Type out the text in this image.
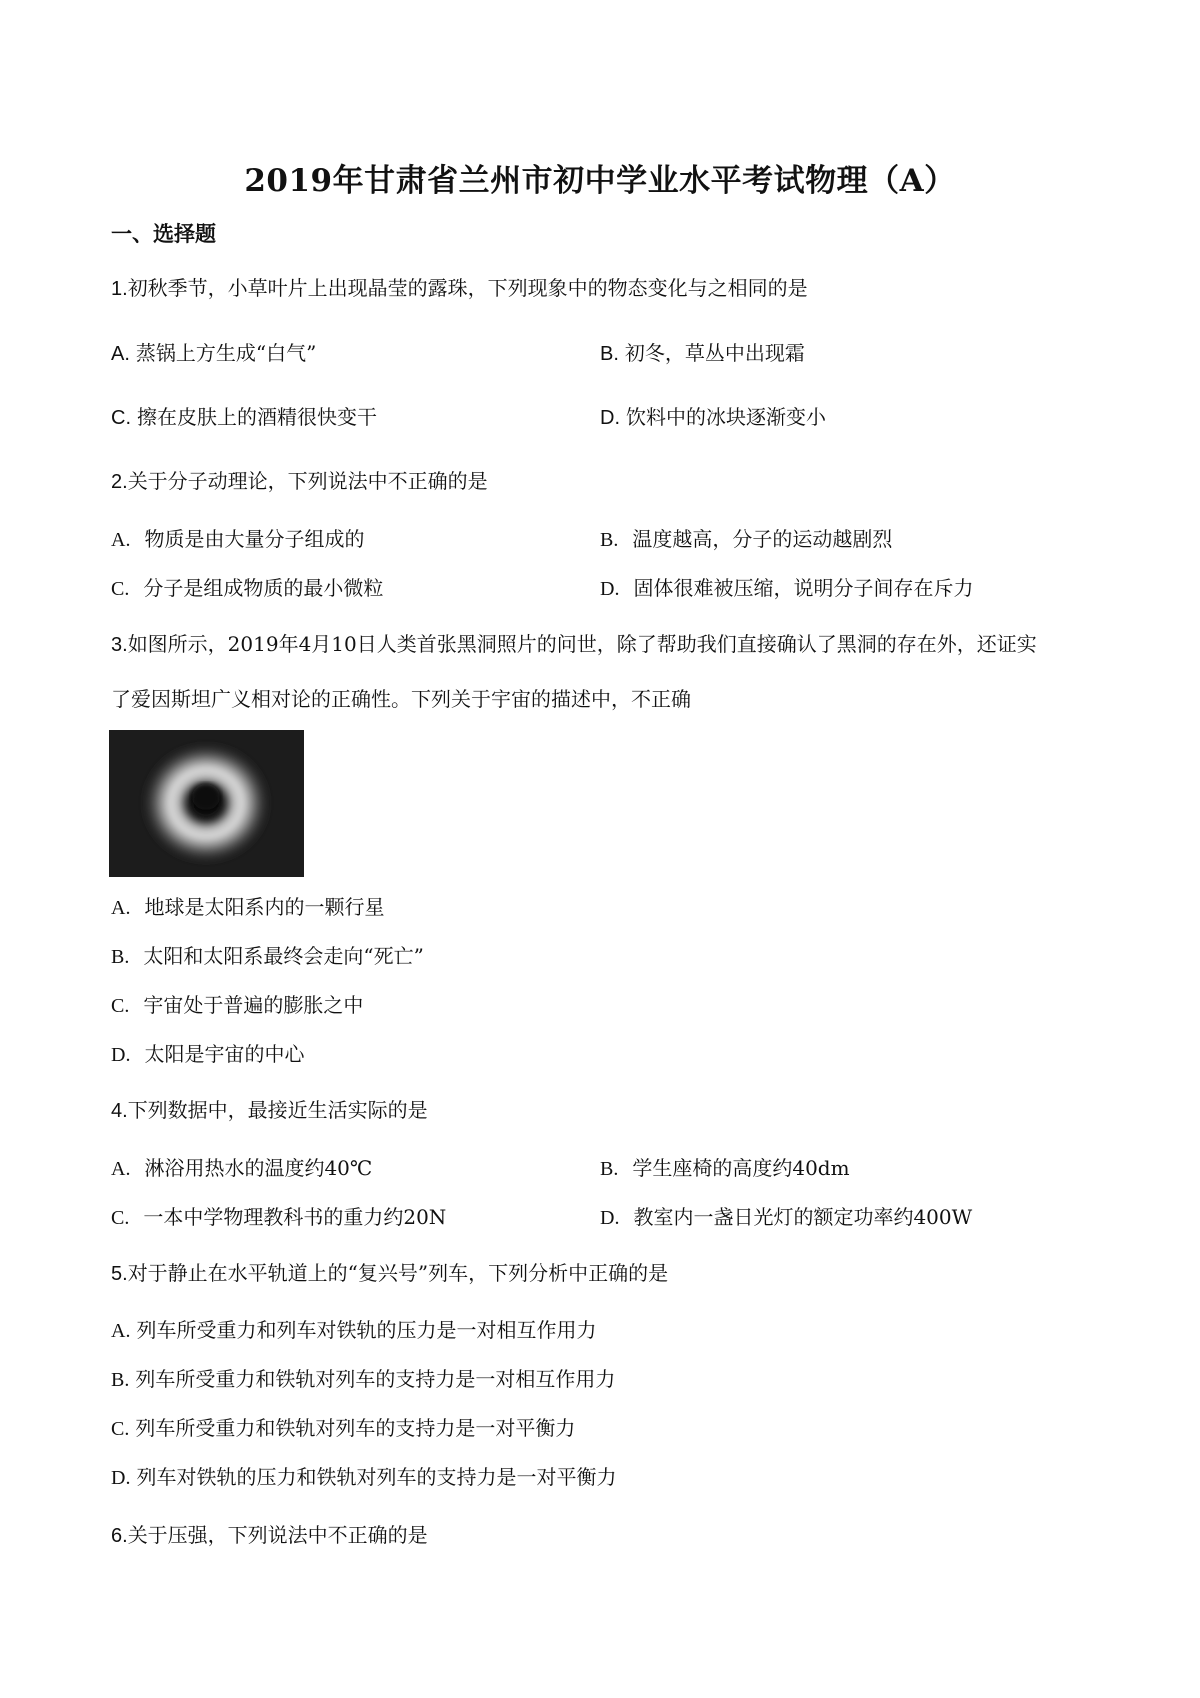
2019年甘肃省兰州市初中学业水平考试物理（A）
一、选择题
1.初秋季节，小草叶片上出现晶莹的露珠，下列现象中的物态变化与之相同的是
A. 蒸锅上方生成“白气”	B. 初冬，草丛中出现霜
C. 擦在皮肤上的酒精很快变干	D. 饮料中的冰块逐渐变小
2.关于分子动理论，下列说法中不正确的是
A. 物质是由大量分子组成的	B. 温度越高，分子的运动越剧烈
C. 分子是组成物质的最小微粒	D. 固体很难被压缩，说明分子间存在斥力
3.如图所示，2019年4月10日人类首张黑洞照片的问世，除了帮助我们直接确认了黑洞的存在外，还证实
了爱因斯坦广义相对论的正确性。下列关于宇宙的描述中，不正确
A. 地球是太阳系内的一颗行星
B. 太阳和太阳系最终会走向“死亡”
C. 宇宙处于普遍的膨胀之中
D. 太阳是宇宙的中心
4.下列数据中，最接近生活实际的是
A. 淋浴用热水的温度约40℃	B. 学生座椅的高度约40dm
C. 一本中学物理教科书的重力约20N	D. 教室内一盏日光灯的额定功率约400W
5.对于静止在水平轨道上的“复兴号”列车，下列分析中正确的是
A. 列车所受重力和列车对铁轨的压力是一对相互作用力
B. 列车所受重力和铁轨对列车的支持力是一对相互作用力
C. 列车所受重力和铁轨对列车的支持力是一对平衡力
D. 列车对铁轨的压力和铁轨对列车的支持力是一对平衡力
6.关于压强，下列说法中不正确的是
